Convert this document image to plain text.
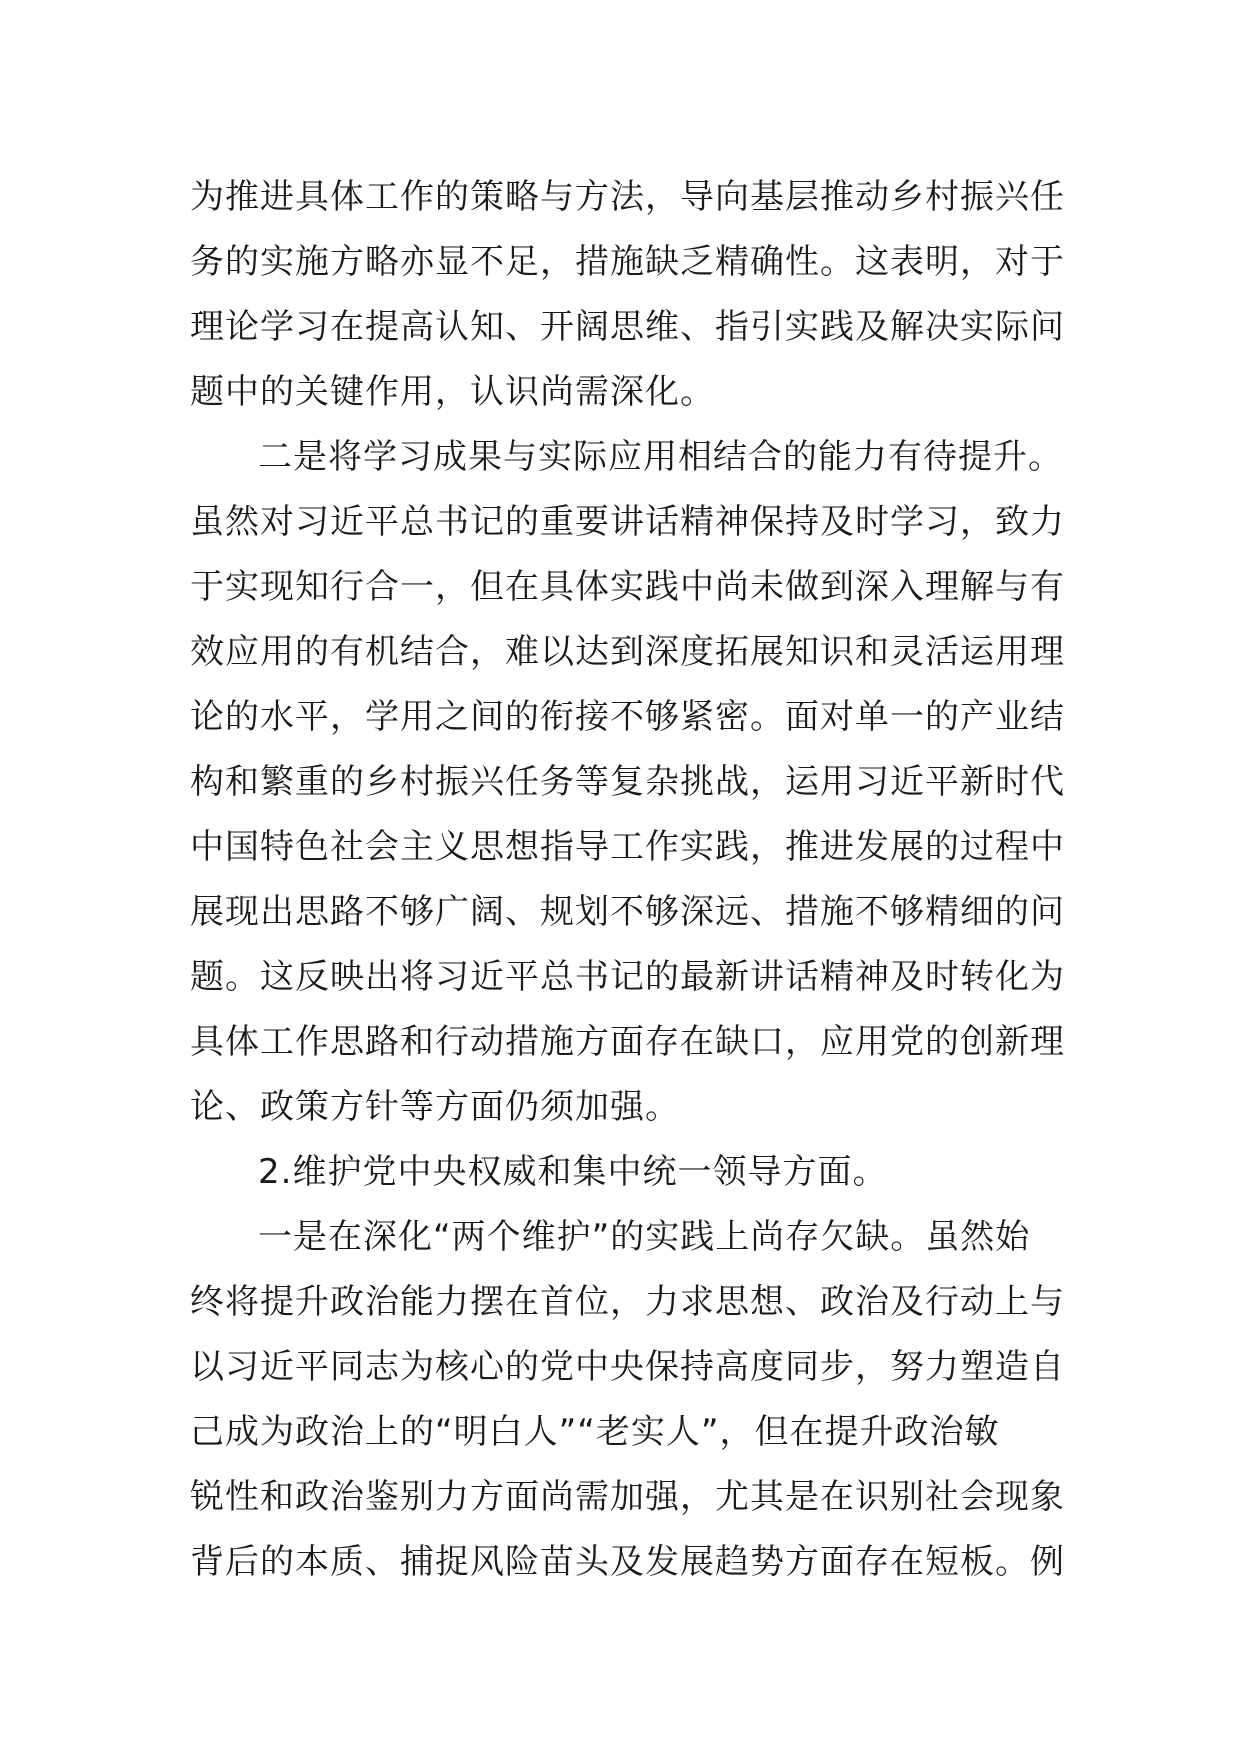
为推进具体工作的策略与方法，导向基层推动乡村振兴任
务的实施方略亦显不足，措施缺乏精确性。这表明，对于
理论学习在提高认知、开阔思维、指引实践及解决实际问
题中的关键作用，认识尚需深化。
二是将学习成果与实际应用相结合的能力有待提升。
虽然对习近平总书记的重要讲话精神保持及时学习，致力
于实现知行合一，但在具体实践中尚未做到深入理解与有
效应用的有机结合，难以达到深度拓展知识和灵活运用理
论的水平，学用之间的衔接不够紧密。面对单一的产业结
构和繁重的乡村振兴任务等复杂挑战，运用习近平新时代
中国特色社会主义思想指导工作实践，推进发展的过程中
展现出思路不够广阔、规划不够深远、措施不够精细的问
题。这反映出将习近平总书记的最新讲话精神及时转化为
具体工作思路和行动措施方面存在缺口，应用党的创新理
论、政策方针等方面仍须加强。
2.维护党中央权威和集中统一领导方面。
一是在深化“两个维护”的实践上尚存欠缺。虽然始
终将提升政治能力摆在首位，力求思想、政治及行动上与
以习近平同志为核心的党中央保持高度同步，努力塑造自
己成为政治上的“明白人”“老实人”，但在提升政治敏
锐性和政治鉴别力方面尚需加强，尤其是在识别社会现象
背后的本质、捕捉风险苗头及发展趋势方面存在短板。例
